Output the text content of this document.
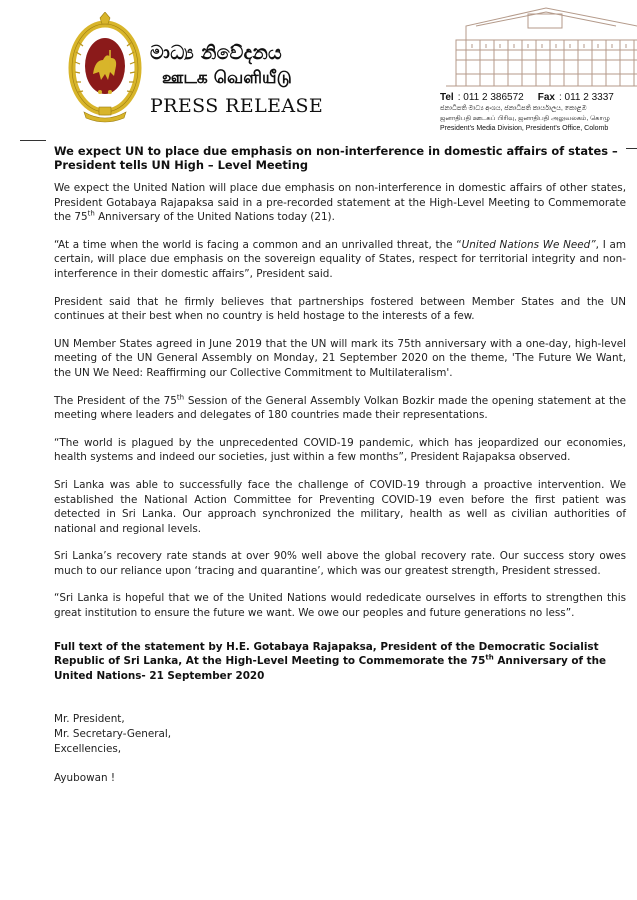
මාධ්‍ය නිවේදනය
ஊடக வெளியீடு
PRESS RELEASE	Tel : 011 2 386572 Fax : 011 2 3337
ජනාධිපති මාධ්‍ය අංශය, ජනාධිපති කාර්යාලය, කොළඹ
ஜனாதிபதி ஊடகப் பிரிவு, ஜனாதிபதி அலுவலகம், கொழு
President's Media Division, President's Office, Colomb

We expect UN to place due emphasis on non-interference in domestic affairs of states – President tells UN High – Level Meeting

We expect the United Nation will place due emphasis on non-interference in domestic affairs of other states, President Gotabaya Rajapaksa said in a pre-recorded statement at the High-Level Meeting to Commemorate the 75th Anniversary of the United Nations today (21).

“At a time when the world is facing a common and an unrivalled threat, the “United Nations We Need”, I am certain, will place due emphasis on the sovereign equality of States, respect for territorial integrity and non-interference in their domestic affairs”, President said.

President said that he firmly believes that partnerships fostered between Member States and the UN continues at their best when no country is held hostage to the interests of a few.

UN Member States agreed in June 2019 that the UN will mark its 75th anniversary with a one-day, high-level meeting of the UN General Assembly on Monday, 21 September 2020 on the theme, 'The Future We Want, the UN We Need: Reaffirming our Collective Commitment to Multilateralism'.

The President of the 75th Session of the General Assembly Volkan Bozkir made the opening statement at the meeting where leaders and delegates of 180 countries made their representations.

“The world is plagued by the unprecedented COVID-19 pandemic, which has jeopardized our economies, health systems and indeed our societies, just within a few months”, President Rajapaksa observed.

Sri Lanka was able to successfully face the challenge of COVID-19 through a proactive intervention. We established the National Action Committee for Preventing COVID-19 even before the first patient was detected in Sri Lanka. Our approach synchronized the military, health as well as civilian authorities of national and regional levels.

Sri Lanka’s recovery rate stands at over 90% well above the global recovery rate. Our success story owes much to our reliance upon ‘tracing and quarantine’, which was our greatest strength, President stressed.

“Sri Lanka is hopeful that we of the United Nations would rededicate ourselves in efforts to strengthen this great institution to ensure the future we want. We owe our peoples and future generations no less”.

Full text of the statement by H.E. Gotabaya Rajapaksa, President of the Democratic Socialist Republic of Sri Lanka, At the High-Level Meeting to Commemorate the 75th Anniversary of the United Nations- 21 September 2020

Mr. President,

Mr. Secretary-General,

Excellencies,

Ayubowan !
